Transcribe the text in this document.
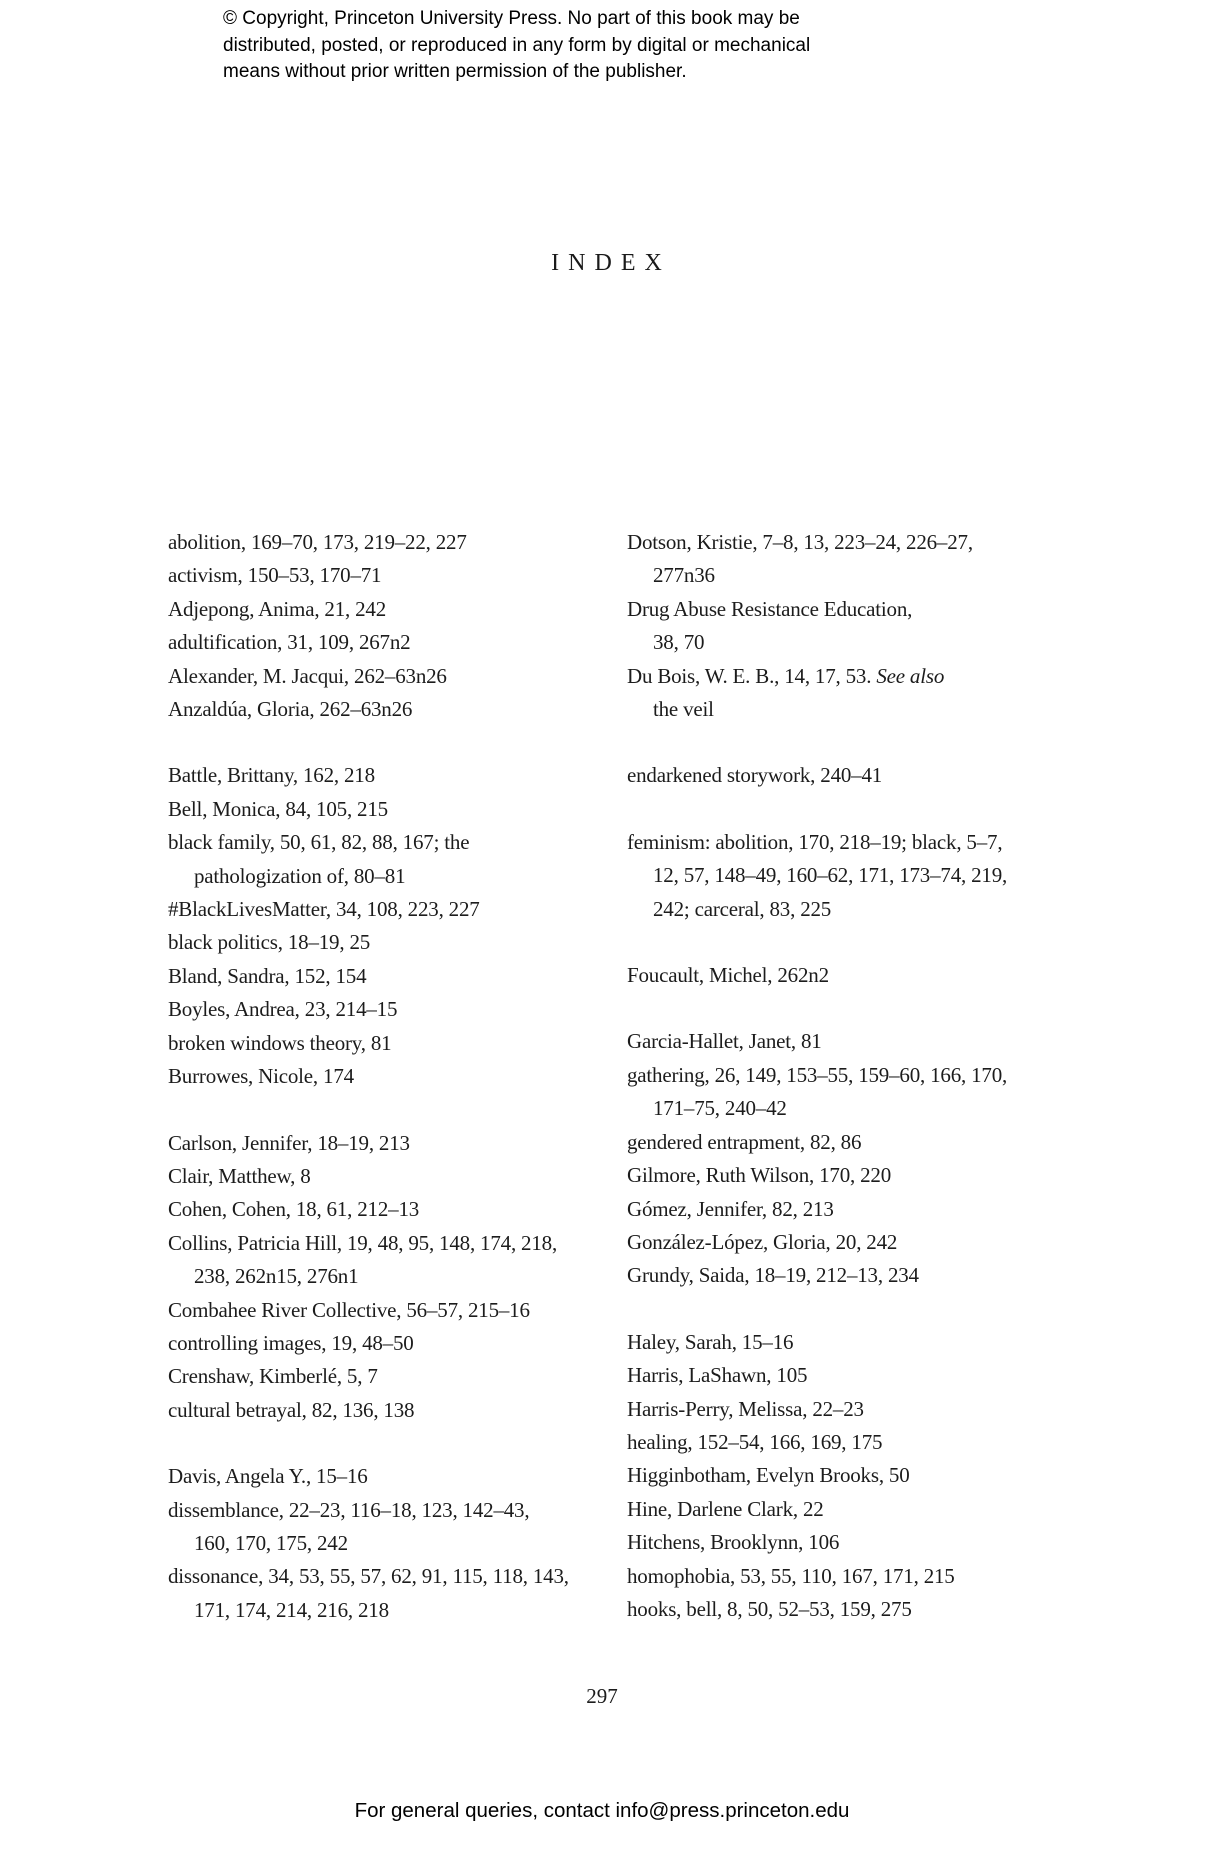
© Copyright, Princeton University Press. No part of this book may be
distributed, posted, or reproduced in any form by digital or mechanical
means without prior written permission of the publisher.
INDEX
abolition, 169–70, 173, 219–22, 227
activism, 150–53, 170–71
Adjepong, Anima, 21, 242
adultification, 31, 109, 267n2
Alexander, M. Jacqui, 262–63n26
Anzaldúa, Gloria, 262–63n26
Battle, Brittany, 162, 218
Bell, Monica, 84, 105, 215
black family, 50, 61, 82, 88, 167; the
pathologization of, 80–81
#BlackLivesMatter, 34, 108, 223, 227
black politics, 18–19, 25
Bland, Sandra, 152, 154
Boyles, Andrea, 23, 214–15
broken windows theory, 81
Burrowes, Nicole, 174
Carlson, Jennifer, 18–19, 213
Clair, Matthew, 8
Cohen, Cohen, 18, 61, 212–13
Collins, Patricia Hill, 19, 48, 95, 148, 174, 218,
238, 262n15, 276n1
Combahee River Collective, 56–57, 215–16
controlling images, 19, 48–50
Crenshaw, Kimberlé, 5, 7
cultural betrayal, 82, 136, 138
Davis, Angela Y., 15–16
dissemblance, 22–23, 116–18, 123, 142–43,
160, 170, 175, 242
dissonance, 34, 53, 55, 57, 62, 91, 115, 118, 143,
171, 174, 214, 216, 218
Dotson, Kristie, 7–8, 13, 223–24, 226–27,
277n36
Drug Abuse Resistance Education,
38, 70
Du Bois, W. E. B., 14, 17, 53. See also
the veil
endarkened storywork, 240–41
feminism: abolition, 170, 218–19; black, 5–7,
12, 57, 148–49, 160–62, 171, 173–74, 219,
242; carceral, 83, 225
Foucault, Michel, 262n2
Garcia-Hallet, Janet, 81
gathering, 26, 149, 153–55, 159–60, 166, 170,
171–75, 240–42
gendered entrapment, 82, 86
Gilmore, Ruth Wilson, 170, 220
Gómez, Jennifer, 82, 213
González-López, Gloria, 20, 242
Grundy, Saida, 18–19, 212–13, 234
Haley, Sarah, 15–16
Harris, LaShawn, 105
Harris-Perry, Melissa, 22–23
healing, 152–54, 166, 169, 175
Higginbotham, Evelyn Brooks, 50
Hine, Darlene Clark, 22
Hitchens, Brooklynn, 106
homophobia, 53, 55, 110, 167, 171, 215
hooks, bell, 8, 50, 52–53, 159, 275
297
For general queries, contact info@press.princeton.edu
